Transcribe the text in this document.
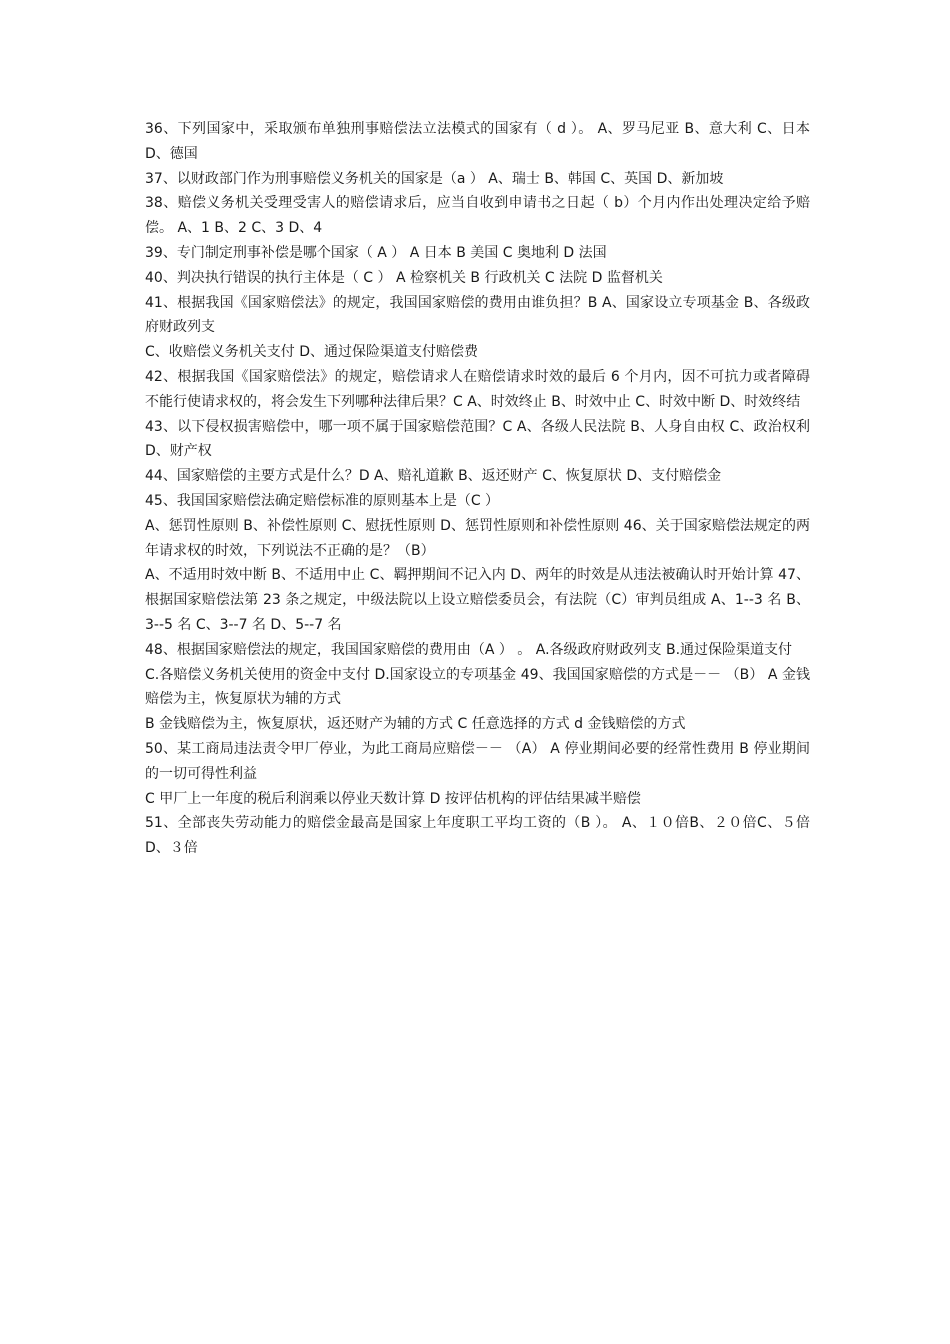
36、下列国家中，采取颁布单独刑事赔偿法立法模式的国家有（ d ）。 A、罗马尼亚 B、意大利 C、日本 D、德国

37、以财政部门作为刑事赔偿义务机关的国家是（a ） A、瑞士 B、韩国 C、英国 D、新加坡

38、赔偿义务机关受理受害人的赔偿请求后，应当自收到申请书之日起（ b）个月内作出处理决定给予赔偿。 A、1 B、2 C、3 D、4

39、专门制定刑事补偿是哪个国家（ A ） A 日本 B 美国 C 奥地利 D 法国

40、判决执行错误的执行主体是（ C ） A 检察机关 B 行政机关 C 法院 D 监督机关

41、根据我国《国家赔偿法》的规定，我国国家赔偿的费用由谁负担？B A、国家设立专项基金 B、各级政府财政列支

C、收赔偿义务机关支付 D、通过保险渠道支付赔偿费

42、根据我国《国家赔偿法》的规定，赔偿请求人在赔偿请求时效的最后 6 个月内，因不可抗力或者障碍不能行使请求权的，将会发生下列哪种法律后果？C A、时效终止 B、时效中止 C、时效中断 D、时效终结

43、以下侵权损害赔偿中，哪一项不属于国家赔偿范围？C A、各级人民法院 B、人身自由权 C、政治权利 D、财产权

44、国家赔偿的主要方式是什么？D A、赔礼道歉 B、返还财产 C、恢复原状 D、支付赔偿金

45、我国国家赔偿法确定赔偿标准的原则基本上是（C ）

A、惩罚性原则 B、补偿性原则 C、慰抚性原则 D、惩罚性原则和补偿性原则 46、关于国家赔偿法规定的两年请求权的时效，下列说法不正确的是？（B）

A、不适用时效中断 B、不适用中止 C、羁押期间不记入内 D、两年的时效是从违法被确认时开始计算 47、根据国家赔偿法第 23 条之规定，中级法院以上设立赔偿委员会，有法院（C）审判员组成 A、1--3 名 B、3--5 名 C、3--7 名 D、5--7 名

48、根据国家赔偿法的规定，我国国家赔偿的费用由（A ） 。 A.各级政府财政列支 B.通过保险渠道支付

C.各赔偿义务机关使用的资金中支付 D.国家设立的专项基金 49、我国国家赔偿的方式是－－ （B） A 金钱赔偿为主，恢复原状为辅的方式

B 金钱赔偿为主，恢复原状，返还财产为辅的方式 C 任意选择的方式 d 金钱赔偿的方式

50、某工商局违法责令甲厂停业，为此工商局应赔偿－－ （A） A 停业期间必要的经常性费用 B 停业期间的一切可得性利益

C 甲厂上一年度的税后利润乘以停业天数计算 D 按评估机构的评估结果减半赔偿

51、全部丧失劳动能力的赔偿金最高是国家上年度职工平均工资的（B ）。 A、１０倍B、２０倍C、５倍D、３倍
